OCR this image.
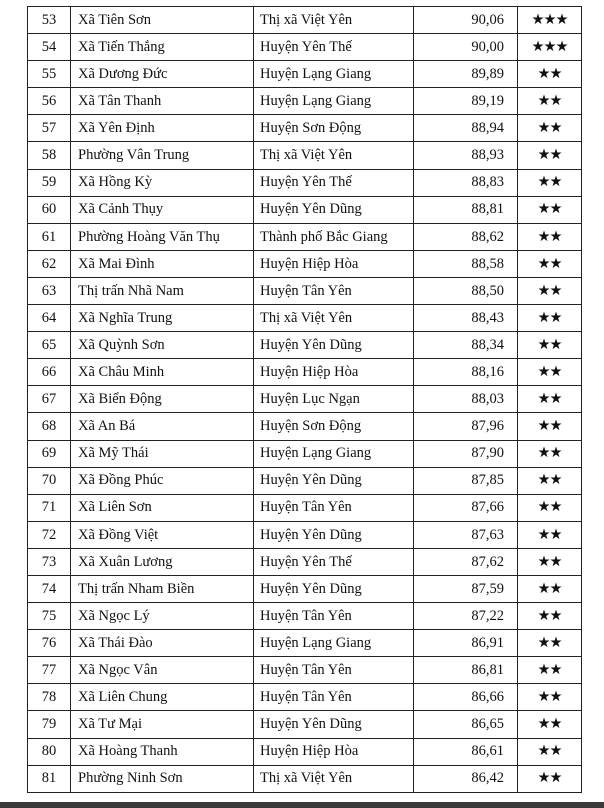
53	Xã Tiên Sơn	Thị xã Việt Yên	90,06	★★★
54	Xã Tiến Thắng	Huyện Yên Thế	90,00	★★★
55	Xã Dương Đức	Huyện Lạng Giang	89,89	★★
56	Xã Tân Thanh	Huyện Lạng Giang	89,19	★★
57	Xã Yên Định	Huyện Sơn Động	88,94	★★
58	Phường Vân Trung	Thị xã Việt Yên	88,93	★★
59	Xã Hồng Kỳ	Huyện Yên Thế	88,83	★★
60	Xã Cảnh Thụy	Huyện Yên Dũng	88,81	★★
61	Phường Hoàng Văn Thụ	Thành phố Bắc Giang	88,62	★★
62	Xã Mai Đình	Huyện Hiệp Hòa	88,58	★★
63	Thị trấn Nhã Nam	Huyện Tân Yên	88,50	★★
64	Xã Nghĩa Trung	Thị xã Việt Yên	88,43	★★
65	Xã Quỳnh Sơn	Huyện Yên Dũng	88,34	★★
66	Xã Châu Minh	Huyện Hiệp Hòa	88,16	★★
67	Xã Biển Động	Huyện Lục Ngạn	88,03	★★
68	Xã An Bá	Huyện Sơn Động	87,96	★★
69	Xã Mỹ Thái	Huyện Lạng Giang	87,90	★★
70	Xã Đồng Phúc	Huyện Yên Dũng	87,85	★★
71	Xã Liên Sơn	Huyện Tân Yên	87,66	★★
72	Xã Đồng Việt	Huyện Yên Dũng	87,63	★★
73	Xã Xuân Lương	Huyện Yên Thế	87,62	★★
74	Thị trấn Nham Biền	Huyện Yên Dũng	87,59	★★
75	Xã Ngọc Lý	Huyện Tân Yên	87,22	★★
76	Xã Thái Đào	Huyện Lạng Giang	86,91	★★
77	Xã Ngọc Vân	Huyện Tân Yên	86,81	★★
78	Xã Liên Chung	Huyện Tân Yên	86,66	★★
79	Xã Tư Mại	Huyện Yên Dũng	86,65	★★
80	Xã Hoàng Thanh	Huyện Hiệp Hòa	86,61	★★
81	Phường Ninh Sơn	Thị xã Việt Yên	86,42	★★
